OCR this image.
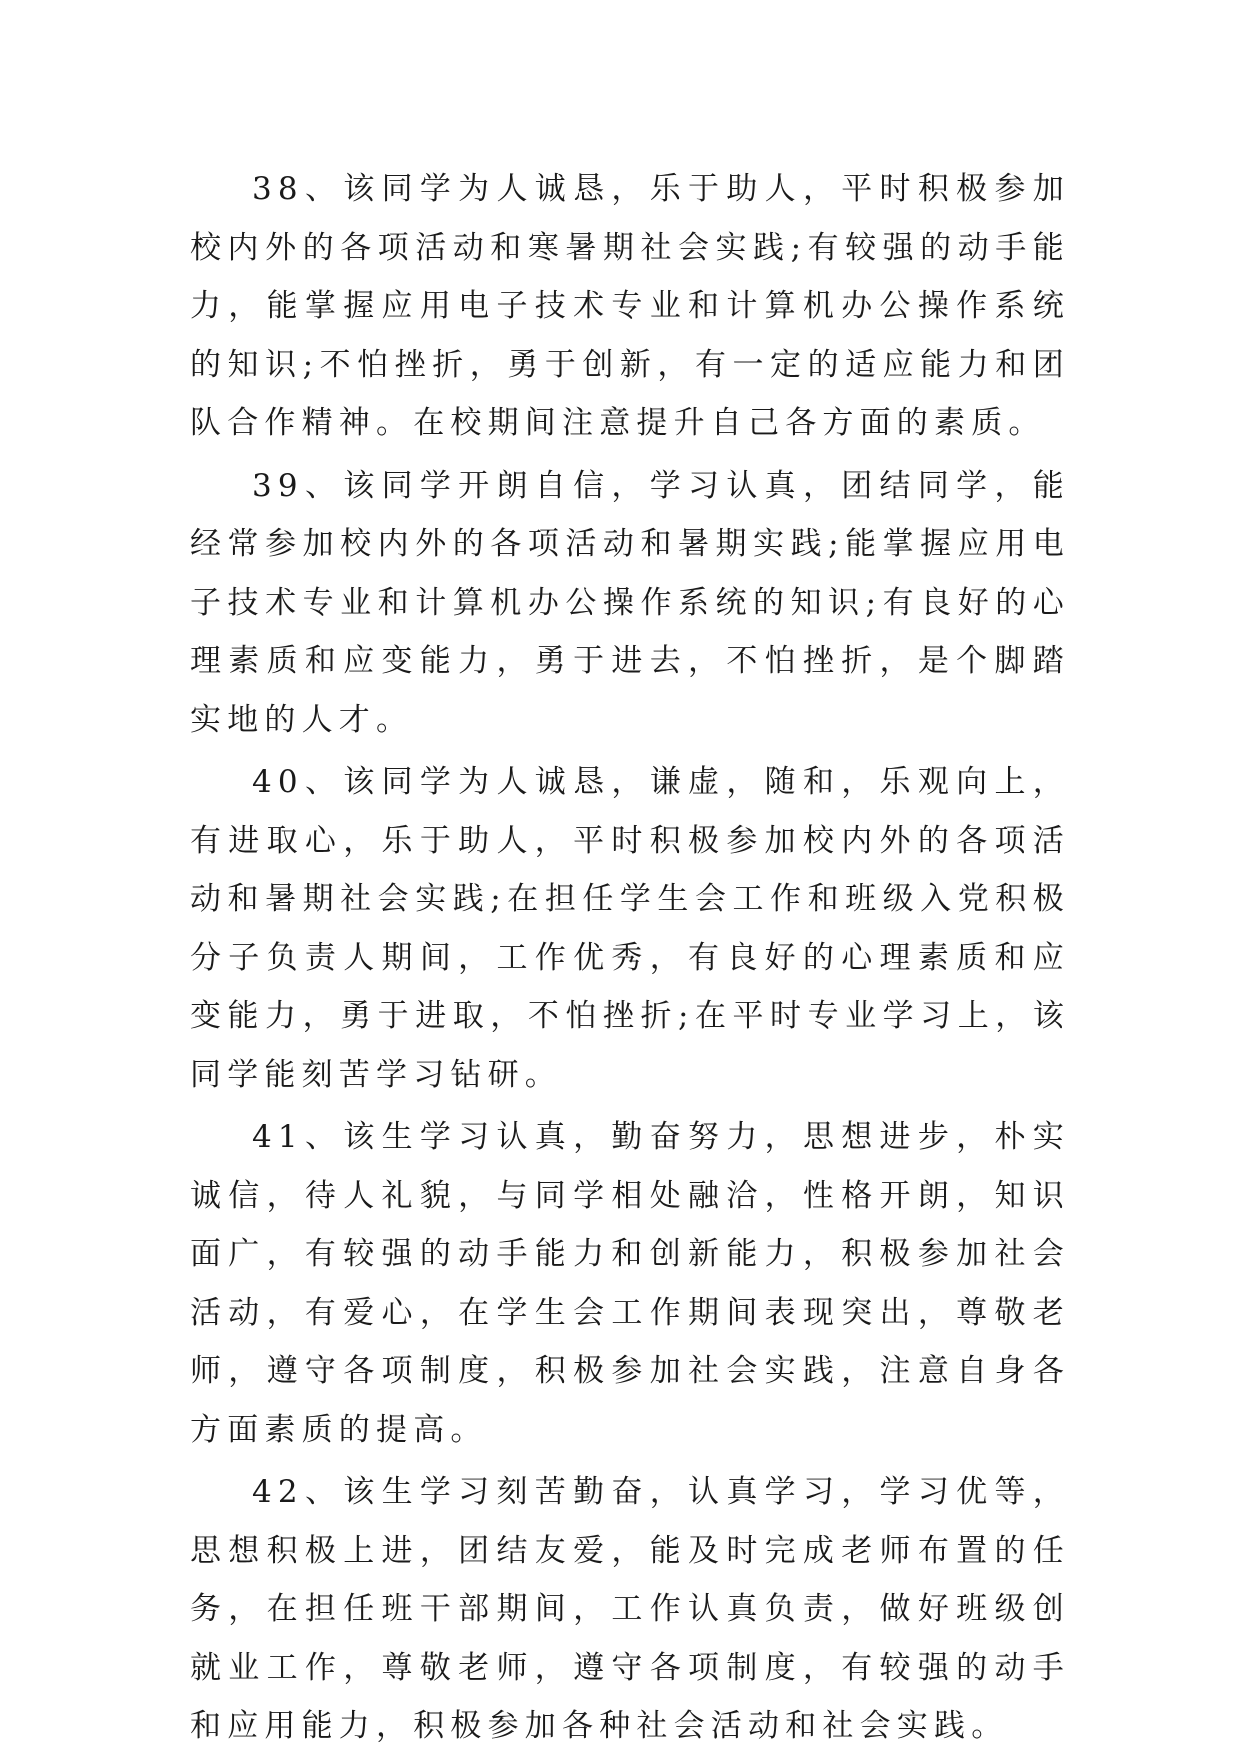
38、该同学为人诚恳，乐于助人，平时积极参加校内外的各项活动和寒暑期社会实践;有较强的动手能力，能掌握应用电子技术专业和计算机办公操作系统的知识;不怕挫折，勇于创新，有一定的适应能力和团队合作精神。在校期间注意提升自己各方面的素质。

39、该同学开朗自信，学习认真，团结同学，能经常参加校内外的各项活动和暑期实践;能掌握应用电子技术专业和计算机办公操作系统的知识;有良好的心理素质和应变能力，勇于进去，不怕挫折，是个脚踏实地的人才。

40、该同学为人诚恳，谦虚，随和，乐观向上，有进取心，乐于助人，平时积极参加校内外的各项活动和暑期社会实践;在担任学生会工作和班级入党积极分子负责人期间，工作优秀，有良好的心理素质和应变能力，勇于进取，不怕挫折;在平时专业学习上，该同学能刻苦学习钻研。

41、该生学习认真，勤奋努力，思想进步，朴实诚信，待人礼貌，与同学相处融洽，性格开朗，知识面广，有较强的动手能力和创新能力，积极参加社会活动，有爱心，在学生会工作期间表现突出，尊敬老师，遵守各项制度，积极参加社会实践，注意自身各方面素质的提高。

42、该生学习刻苦勤奋，认真学习，学习优等，思想积极上进，团结友爱，能及时完成老师布置的任务，在担任班干部期间，工作认真负责，做好班级创就业工作，尊敬老师，遵守各项制度，有较强的动手和应用能力，积极参加各种社会活动和社会实践。
